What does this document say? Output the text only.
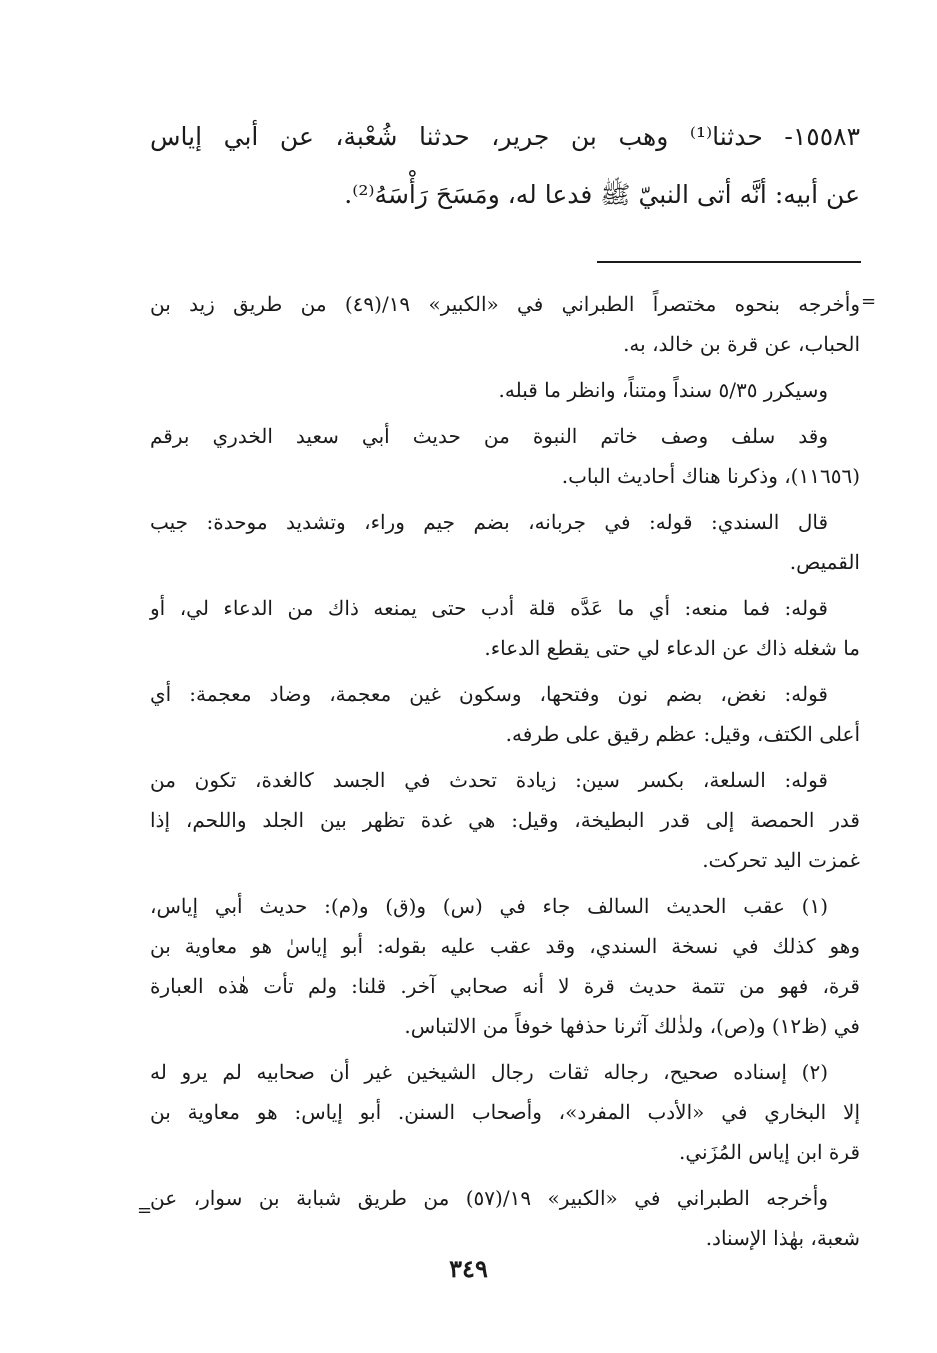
١٥٥٨٣- حدثنا⁽¹⁾ وهب بن جرير، حدثنا شُعْبة، عن أبي إياس
عن أبيه: أنَّه أتى النبيّ ﷺ فدعا له، ومَسَحَ رَأْسَهُ⁽²⁾.
=
وأخرجه بنحوه مختصراً الطبراني في «الكبير» ١٩/(٤٩) من طريق زيد بن
الحباب، عن قرة بن خالد، به.
وسيكرر ٥/٣٥ سنداً ومتناً، وانظر ما قبله.
وقد سلف وصف خاتم النبوة من حديث أبي سعيد الخدري برقم
(١١٦٥٦)، وذكرنا هناك أحاديث الباب.
قال السندي: قوله: في جربانه، بضم جيم وراء، وتشديد موحدة: جيب
القميص.
قوله: فما منعه: أي ما عَدَّه قلة أدب حتى يمنعه ذاك من الدعاء لي، أو
ما شغله ذاك عن الدعاء لي حتى يقطع الدعاء.
قوله: نغض، بضم نون وفتحها، وسكون غين معجمة، وضاد معجمة: أي
أعلى الكتف، وقيل: عظم رقيق على طرفه.
قوله: السلعة، بكسر سين: زيادة تحدث في الجسد كالغدة، تكون من
قدر الحمصة إلى قدر البطيخة، وقيل: هي غدة تظهر بين الجلد واللحم، إذا
غمزت اليد تحركت.
(١) عقب الحديث السالف جاء في (س) و(ق) و(م): حديث أبي إياس،
وهو كذلك في نسخة السندي، وقد عقب عليه بقوله: أبو إياسٰ هو معاوية بن
قرة، فهو من تتمة حديث قرة لا أنه صحابي آخر. قلنا: ولم تأت هٰذه العبارة
في (ظ١٢) و(ص)، ولذٰلك آثرنا حذفها خوفاً من الالتباس.
(٢) إسناده صحيح، رجاله ثقات رجال الشيخين غير أن صحابيه لم يرو له
إلا البخاري في «الأدب المفرد»، وأصحاب السنن. أبو إياس: هو معاوية بن
قرة ابن إياس المُزَني.
وأخرجه الطبراني في «الكبير» ١٩/(٥٧) من طريق شبابة بن سوار، عن
شعبة، بهٰذا الإسناد.
=
٣٤٩
